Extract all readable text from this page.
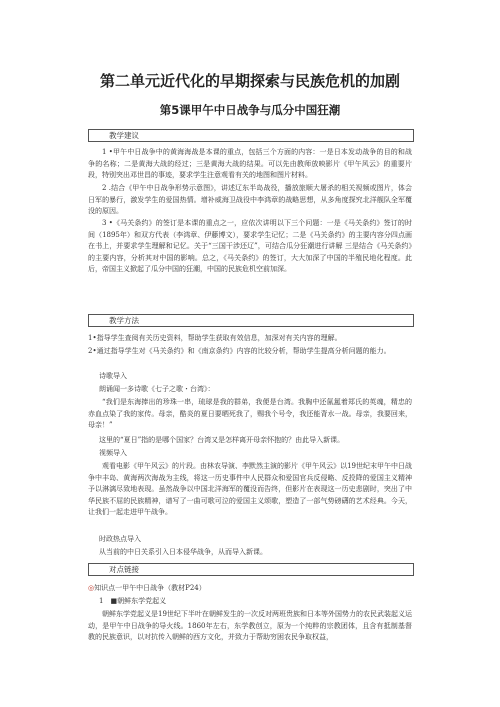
第二单元近代化的早期探索与民族危机的加剧
第5课甲午中日战争与瓜分中国狂潮
教学建议

1 •甲午中日战争中的黄海海战是本课的重点，包括三个方面的内容：一是日本发动战争的目的和战争的名称；二是黄海大战的经过；三是黄海大战的结果。可以先由教师放映影片《甲午风云》的重要片段，特别突出邓世昌的事迹，要求学生注意观看有关的地图和图片材料。

2 .结合《甲午中日战争形势示意图》，讲述辽东半岛战役，播放旅顺大屠杀的相关视频或图片，体会日军的暴行，激发学生的爱国热情。增补威海卫战役中李鸿章的战略思想，从多角度探究北洋舰队全军覆没的原因。

3 •《马关条约》的签订是本课的重点之一，应依次讲明以下三个问题：一是《马关条约》签订的时间（1895年）和双方代表（李鸿章、伊藤博文），要求学生记忆；二是《马关条约》的主要内容分四点画在书上，并要求学生理解和记忆。关于“三国干涉还辽”，可结合瓜分狂潮进行讲解 三是结合《马关条约》的主要内容，分析其对中国的影响。总之，《马关条约》的签订，大大加深了中国的半殖民地化程度。此后，帝国主义掀起了瓜分中国的狂潮，中国的民族危机空前加深。

教学方法

1•指导学生查阅有关历史资料，帮助学生获取有效信息，加深对有关内容的理解。

2•通过指导学生对《马关条约》和《南京条约》内容的比较分析，帮助学生提高分析问题的能力。

诗歌导入

朗诵闻一多诗歌《七子之歌・台湾》：

“我们是东海捧出的珍珠一串，琉球是我的群弟，我便是台湾。我胸中还氤氲着郑氏的英魂，精忠的赤血点染了我的家传。母亲，酷炎的夏日要晒死我了，赐我个号令，我还能背水一战。母亲，我要回来，母亲！”

这里的“夏日”指的是哪个国家？台湾又是怎样离开母亲怀抱的？由此导入新课。

视频导入

观看电影《甲午风云》的片段。由林农导演、李默然主演的影片《甲午风云》以19世纪末甲午中日战争中丰岛、黄海两次海战为主线，将这一历史事件中人民群众和爱国官兵反侵略、反投降的爱国主义精神予以淋漓尽致地表现。虽然战争以中国北洋海军的覆没而告终，但影片在表现这一历史悲剧时，突出了中华民族不屈的民族精神，谱写了一曲可歌可泣的爱国主义颂歌，塑造了一部气势磅礴的艺术经典。今天，让我们一起走进甲午战争。

时政热点导入

从当前的中日关系引入日本侵华战争，从而导入新课。

对点链接

◎知识点一甲午中日战争（教材P24）

1　■朝鲜东学党起义

朝鲜东学党起义是19世纪下半叶在朝鲜发生的一次反对两班贵族和日本等外国势力的农民武装起义运动，是甲午中日战争的导火线。1860年左右，东学教创立，原为一个纯粹的宗教团体，且含有抵制基督教的民族意识，以对抗传入朝鲜的西方文化，并致力于帮助穷困农民争取权益，
